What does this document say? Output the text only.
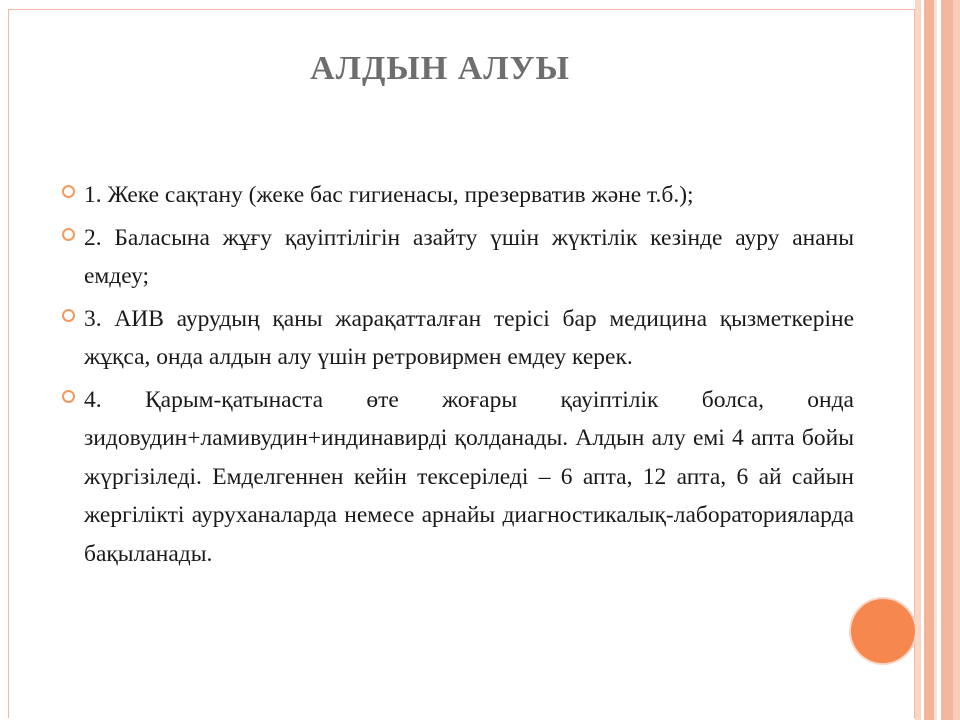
АЛДЫН АЛУЫ
1. Жеке сақтану (жеке бас гигиенасы, презерватив және т.б.);
2. Баласына жұғу қауіптілігін азайту үшін жүктілік кезінде ауру ананы емдеу;
3. АИВ аурудың қаны жарақатталған терісі бар медицина қызметкеріне жұқса, онда алдын алу үшін ретровирмен емдеу керек.
4. Қарым-қатынаста өте жоғары қауіптілік болса, онда зидовудин+ламивудин+индинавирді қолданады. Алдын алу емі 4 апта бойы жүргізіледі. Емделгеннен кейін тексеріледі – 6 апта, 12 апта, 6 ай сайын жергілікті ауруханаларда немесе арнайы диагностикалық-лабораторияларда бақыланады.
